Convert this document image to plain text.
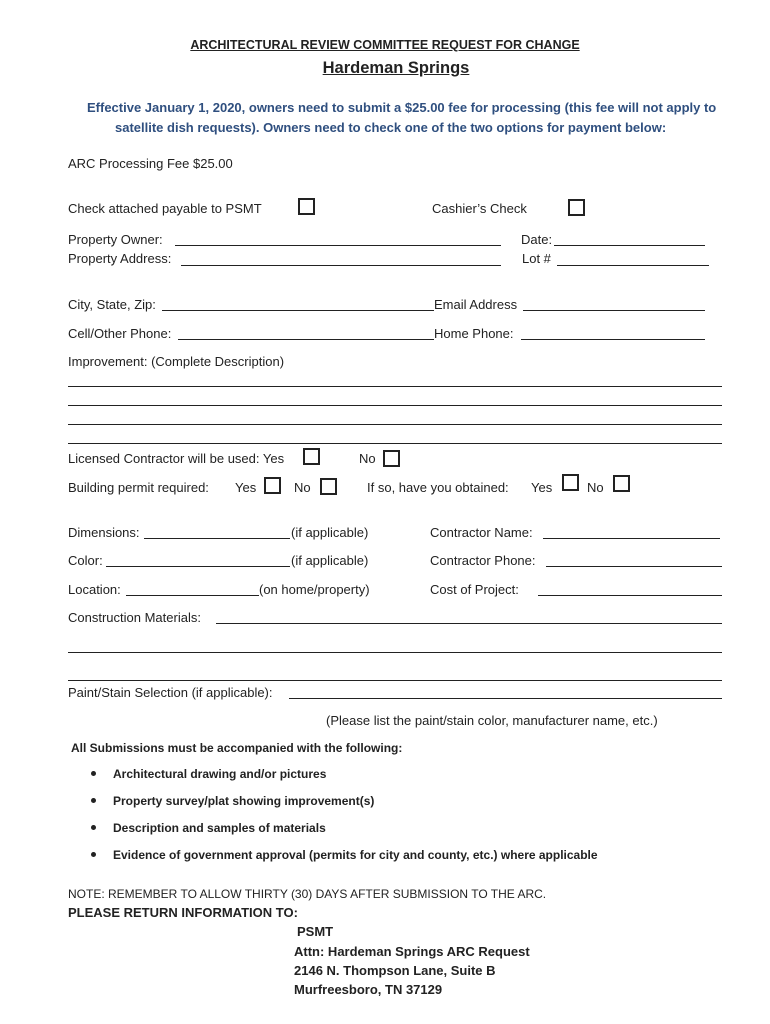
ARCHITECTURAL REVIEW COMMITTEE REQUEST FOR CHANGE
Hardeman Springs
Effective January 1, 2020, owners need to submit a $25.00 fee for processing (this fee will not apply to
satellite dish requests). Owners need to check one of the two options for payment below:
ARC Processing Fee $25.00
Check attached payable to PSMT	Cashier’s Check
Property Owner:	Date:
Property Address:	Lot #
City, State, Zip:	Email Address
Cell/Other Phone:	Home Phone:
Improvement: (Complete Description)
Licensed Contractor will be used: Yes	No
Building permit required: Yes	No	If so, have you obtained: Yes	No
Dimensions:	(if applicable)	Contractor Name:
Color:	(if applicable)	Contractor Phone:
Location:	(on home/property)	Cost of Project:
Construction Materials:
Paint/Stain Selection (if applicable):
(Please list the paint/stain color, manufacturer name, etc.)
All Submissions must be accompanied with the following:
Architectural drawing and/or pictures
Property survey/plat showing improvement(s)
Description and samples of materials
Evidence of government approval (permits for city and county, etc.) where applicable
NOTE: REMEMBER TO ALLOW THIRTY (30) DAYS AFTER SUBMISSION TO THE ARC.
PLEASE RETURN INFORMATION TO:
PSMT
Attn: Hardeman Springs ARC Request
2146 N. Thompson Lane, Suite B
Murfreesboro, TN 37129
